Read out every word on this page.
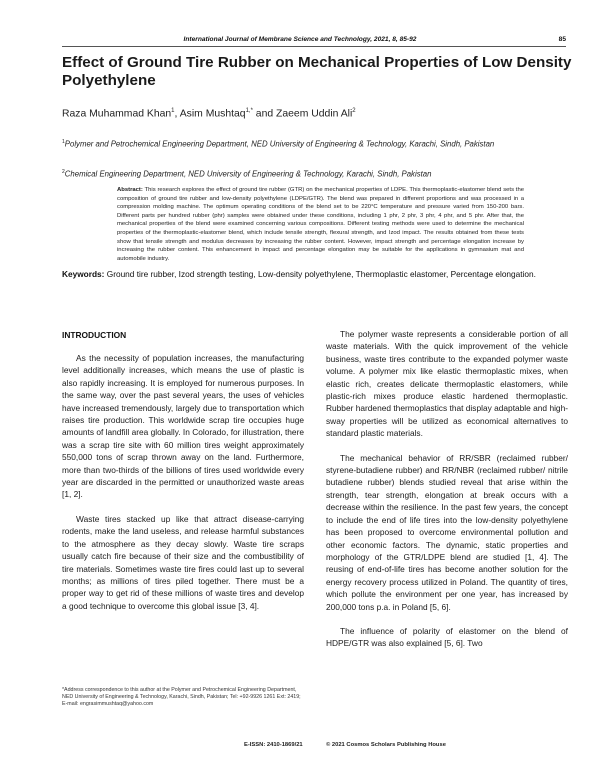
International Journal of Membrane Science and Technology, 2021, 8, 85-92	85
Effect of Ground Tire Rubber on Mechanical Properties of Low Density Polyethylene
Raza Muhammad Khan$^1$, Asim Mushtaq$^{1,*}$ and Zaeem Uddin Ali$^2$
$^1$Polymer and Petrochemical Engineering Department, NED University of Engineering & Technology, Karachi, Sindh, Pakistan
$^2$Chemical Engineering Department, NED University of Engineering & Technology, Karachi, Sindh, Pakistan
Abstract: This research explores the effect of ground tire rubber (GTR) on the mechanical properties of LDPE. This thermoplastic-elastomer blend sets the composition of ground tire rubber and low-density polyethylene (LDPE/GTR). The blend was prepared in different proportions and was processed in a compression molding machine. The optimum operating conditions of the blend set to be 220°C temperature and pressure varied from 150-200 bars. Different parts per hundred rubber (phr) samples were obtained under these conditions, including 1 phr, 2 phr, 3 phr, 4 phr, and 5 phr. After that, the mechanical properties of the blend were examined concerning various compositions. Different testing methods were used to determine the mechanical properties of the thermoplastic-elastomer blend, which include tensile strength, flexural strength, and Izod impact. The results obtained from these tests show that tensile strength and modulus decreases by increasing the rubber content. However, impact strength and percentage elongation increase by increasing the rubber content. This enhancement in impact and percentage elongation may be suitable for the applications in gymnasium mat and automobile industry.
Keywords: Ground tire rubber, Izod strength testing, Low-density polyethylene, Thermoplastic elastomer, Percentage elongation.
INTRODUCTION

As the necessity of population increases, the manufacturing level additionally increases, which means the use of plastic is also rapidly increasing. It is employed for numerous purposes. In the same way, over the past several years, the uses of vehicles have increased tremendously, largely due to transportation which raises tire production. This worldwide scrap tire occupies huge amounts of landfill area globally. In Colorado, for illustration, there was a scrap tire site with 60 million tires weight approximately 550,000 tons of scrap thrown away on the land. Furthermore, more than two-thirds of the billions of tires used worldwide every year are discarded in the permitted or unauthorized waste areas [1, 2].

Waste tires stacked up like that attract disease-carrying rodents, make the land useless, and release harmful substances to the atmosphere as they decay slowly. Waste tire scraps usually catch fire because of their size and the combustibility of tire materials. Sometimes waste tire fires could last up to several months; as millions of tires piled together. There must be a proper way to get rid of these millions of waste tires and develop a good technique to overcome this global issue [3, 4].

The polymer waste represents a considerable portion of all waste materials. With the quick improvement of the vehicle business, waste tires contribute to the expanded polymer waste volume. A polymer mix like elastic thermoplastic mixes, when elastic rich, creates delicate thermoplastic elastomers, while plastic-rich mixes produce elastic hardened thermoplastic. Rubber hardened thermoplastics that display adaptable and high-sway properties will be utilized as economical alternatives to standard plastic materials.

The mechanical behavior of RR/SBR (reclaimed rubber/ styrene-butadiene rubber) and RR/NBR (reclaimed rubber/ nitrile butadiene rubber) blends studied reveal that arise within the strength, tear strength, elongation at break occurs with a decrease within the resilience. In the past few years, the concept to include the end of life tires into the low-density polyethylene has been proposed to overcome environmental pollution and other economic factors. The dynamic, static properties and morphology of the GTR/LDPE blend are studied [1, 4]. The reusing of end-of-life tires has become another solution for the energy recovery process utilized in Poland. The quantity of tires, which pollute the environment per one year, has increased by 200,000 tons p.a. in Poland [5, 6].

The influence of polarity of elastomer on the blend of HDPE/GTR was also explained [5, 6]. Two

*Address correspondence to this author at the Polymer and Petrochemical Engineering Department, NED University of Engineering & Technology, Karachi, Sindh, Pakistan; Tel: +92-9926 1261 Ext: 2419;
E-mail: engrasimmushtaq@yahoo.com
E-ISSN: 2410-1869/21	© 2021 Cosmos Scholars Publishing House
